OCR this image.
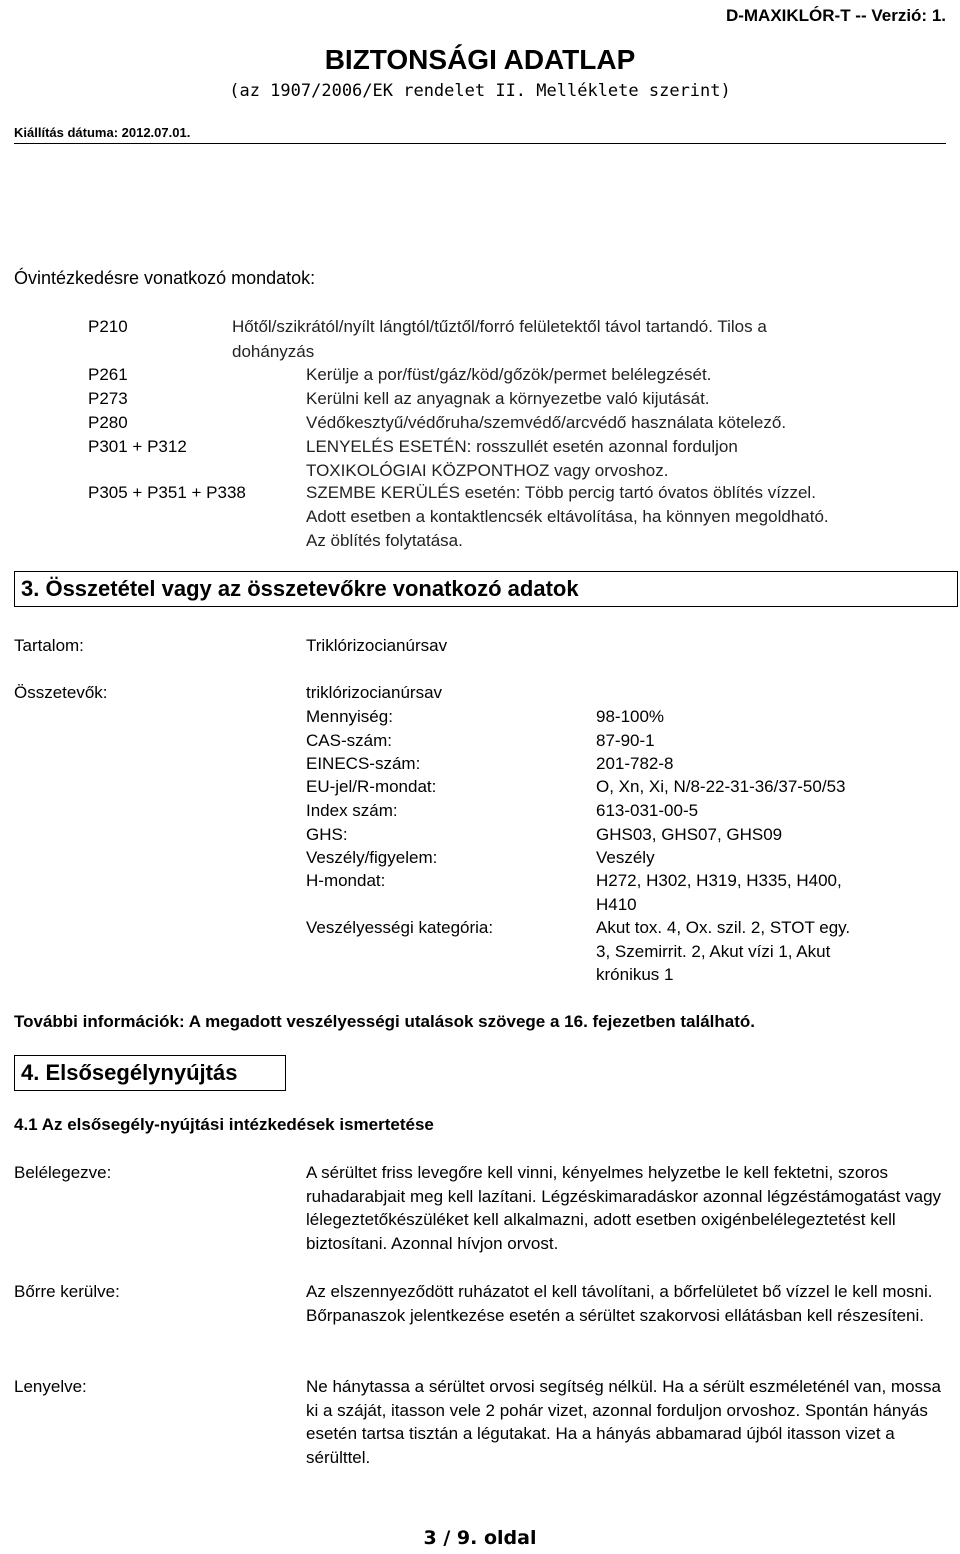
D-MAXIKLÓR-T -- Verzió: 1.
BIZTONSÁGI ADATLAP
(az 1907/2006/EK rendelet II. Melléklete szerint)
Kiállítás dátuma: 2012.07.01.
Óvintézkedésre vonatkozó mondatok:
P210	Hőtől/szikrától/nyílt lángtól/tűztől/forró felületektől távol tartandó. Tilos a
dohányzás
P261	Kerülje a por/füst/gáz/köd/gőzök/permet belélegzését.
P273	Kerülni kell az anyagnak a környezetbe való kijutását.
P280	Védőkesztyű/védőruha/szemvédő/arcvédő használata kötelező.
P301 + P312	LENYELÉS ESETÉN: rosszullét esetén azonnal forduljon
TOXIKOLÓGIAI KÖZPONTHOZ vagy orvoshoz.
P305 + P351 + P338	SZEMBE KERÜLÉS esetén: Több percig tartó óvatos öblítés vízzel.
Adott esetben a kontaktlencsék eltávolítása, ha könnyen megoldható.
Az öblítés folytatása.
3. Összetétel vagy az összetevőkre vonatkozó adatok
Tartalom:	Triklórizocianúrsav
Összetevők:	triklórizocianúrsav
Mennyiség:	98-100%
CAS-szám:	87-90-1
EINECS-szám:	201-782-8
EU-jel/R-mondat:	O, Xn, Xi, N/8-22-31-36/37-50/53
Index szám:	613-031-00-5
GHS:	GHS03, GHS07, GHS09
Veszély/figyelem:	Veszély
H-mondat:	H272, H302, H319, H335, H400,
H410
Veszélyességi kategória:	Akut tox. 4, Ox. szil. 2, STOT egy.
3, Szemirrit. 2, Akut vízi 1, Akut
krónikus 1
További információk: A megadott veszélyességi utalások szövege a 16. fejezetben található.
4. Elsősegélynyújtás
4.1 Az elsősegély-nyújtási intézkedések ismertetése
Belélegezve:	A sérültet friss levegőre kell vinni, kényelmes helyzetbe le kell fektetni, szoros ruhadarabjait meg kell lazítani. Légzéskimaradáskor azonnal légzéstámogatást vagy lélegeztetőkészüléket kell alkalmazni, adott esetben oxigénbelélegeztetést kell biztosítani. Azonnal hívjon orvost.
Bőrre kerülve:	Az elszennyeződött ruházatot el kell távolítani, a bőrfelületet bő vízzel le kell mosni. Bőrpanaszok jelentkezése esetén a sérültet szakorvosi ellátásban kell részesíteni.
Lenyelve:	Ne hánytassa a sérültet orvosi segítség nélkül. Ha a sérült eszméleténél van, mossa ki a száját, itasson vele 2 pohár vizet, azonnal forduljon orvoshoz. Spontán hányás esetén tartsa tisztán a légutakat. Ha a hányás abbamarad újból itasson vizet a sérülttel.
3 / 9. oldal
